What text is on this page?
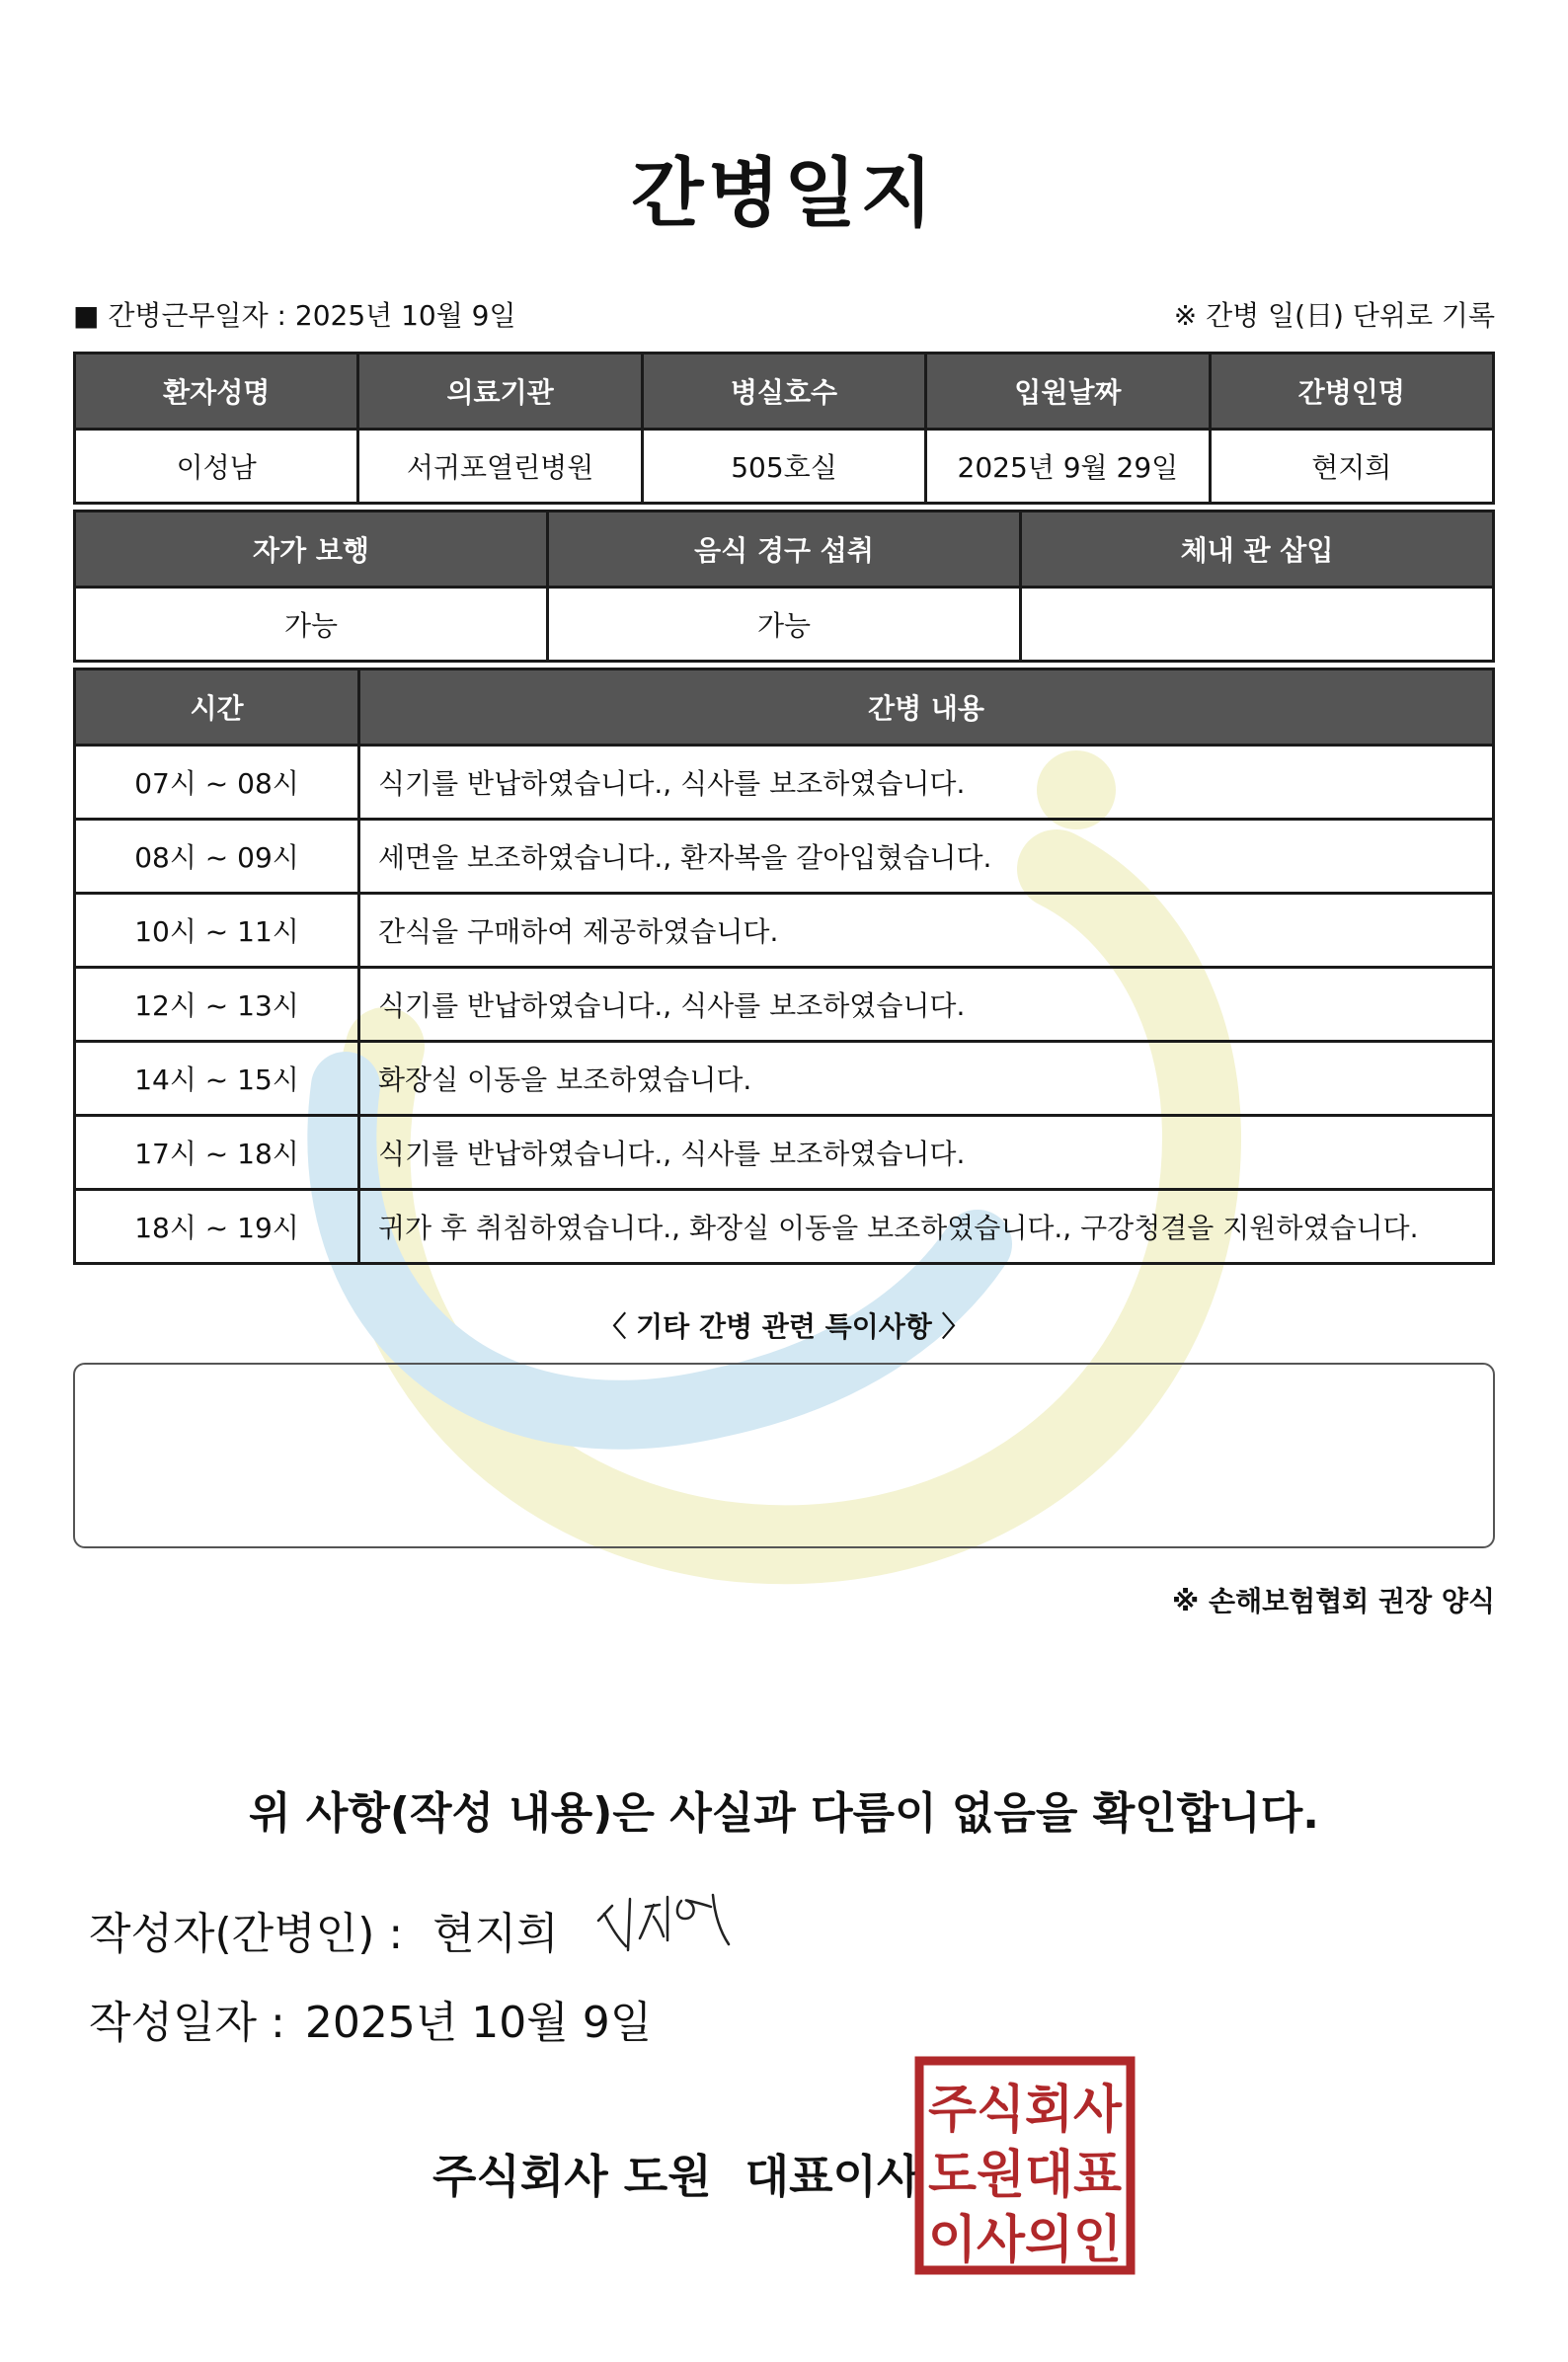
간병일지
■ 간병근무일자 : 2025년 10월 9일	※ 간병 일(日) 단위로 기록
환자성명	의료기관	병실호수	입원날짜	간병인명
이성남	서귀포열린병원	505호실	2025년 9월 29일	현지희
자가 보행	음식 경구 섭취	체내 관 삽입
가능	가능	
시간	간병 내용
07시 ~ 08시	식기를 반납하였습니다., 식사를 보조하였습니다.
08시 ~ 09시	세면을 보조하였습니다., 환자복을 갈아입혔습니다.
10시 ~ 11시	간식을 구매하여 제공하였습니다.
12시 ~ 13시	식기를 반납하였습니다., 식사를 보조하였습니다.
14시 ~ 15시	화장실 이동을 보조하였습니다.
17시 ~ 18시	식기를 반납하였습니다., 식사를 보조하였습니다.
18시 ~ 19시	귀가 후 취침하였습니다., 화장실 이동을 보조하였습니다., 구강청결을 지원하였습니다.
〈 기타 간병 관련 특이사항 〉
※ 손해보험협회 권장 양식
위 사항(작성 내용)은 사실과 다름이 없음을 확인합니다.
작성자(간병인) : 현지희
작성일자 : 2025년 10월 9일
주식회사 도원 대표이사
주식회사
도원대표
이사의인
